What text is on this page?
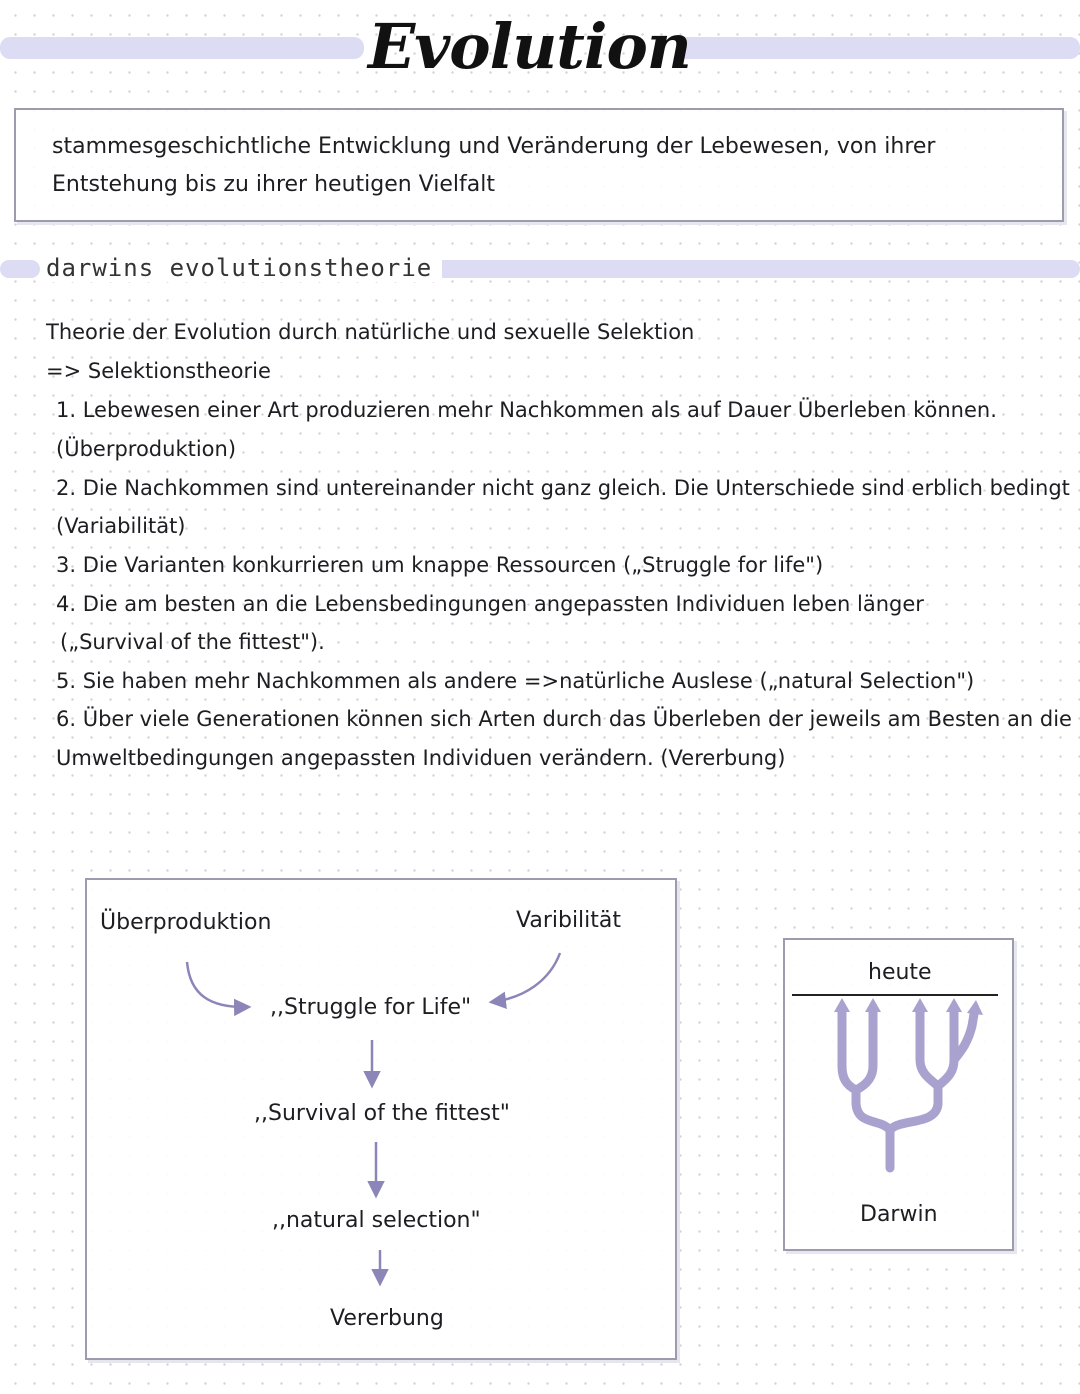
Evolution

stammesgeschichtliche Entwicklung und Veränderung der Lebewesen, von ihrer Entstehung bis zu ihrer heutigen Vielfalt

darwins evolutionstheorie

Theorie der Evolution durch natürliche und sexuelle Selektion

=> Selektionstheorie

1. Lebewesen einer Art produzieren mehr Nachkommen als auf Dauer Überleben können.

(Überproduktion)

2. Die Nachkommen sind untereinander nicht ganz gleich. Die Unterschiede sind erblich bedingt

(Variabilität)

3. Die Varianten konkurrieren um knappe Ressourcen („Struggle for life")

4. Die am besten an die Lebensbedingungen angepassten Individuen leben länger

(„Survival of the fittest").

5. Sie haben mehr Nachkommen als andere =>natürliche Auslese („natural Selection")

6. Über viele Generationen können sich Arten durch das Überleben der jeweils am Besten an die

Umweltbedingungen angepassten Individuen verändern. (Vererbung)

Überproduktion	Varibilität
,,Struggle for Life"
,,Survival of the fittest"
,,natural selection"
Vererbung
heute
Darwin
